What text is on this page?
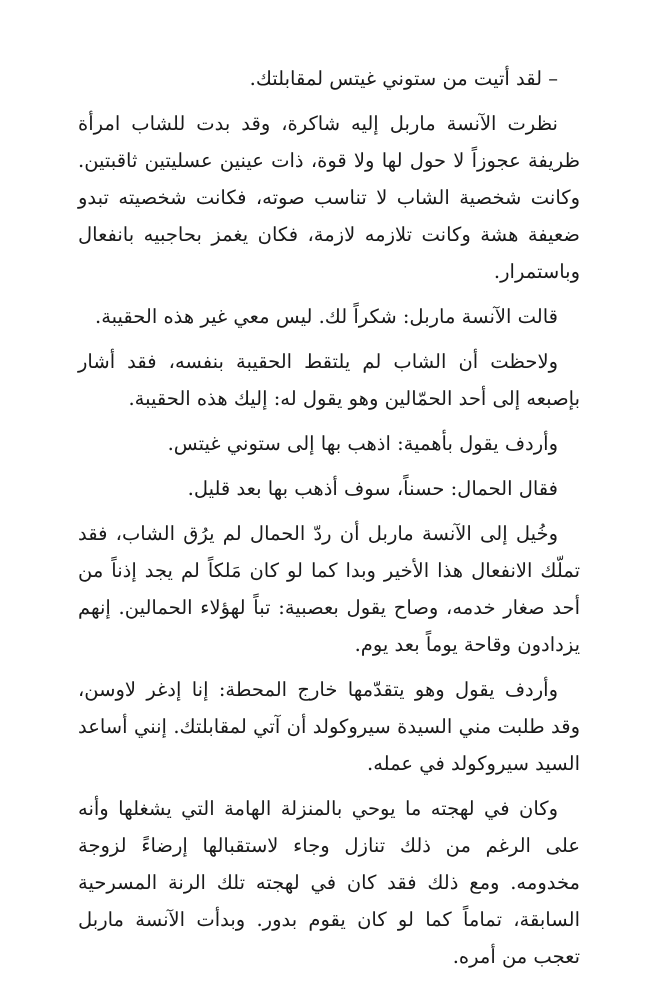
– لقد أتيت من ستوني غيتس لمقابلتك.

نظرت الآنسة ماربل إليه شاكرة، وقد بدت للشاب امرأة ظريفة عجوزاً لا حول لها ولا قوة، ذات عينين عسليتين ثاقبتين. وكانت شخصية الشاب لا تناسب صوته، فكانت شخصيته تبدو ضعيفة هشة وكانت تلازمه لازمة، فكان يغمز بحاجبيه بانفعال وباستمرار.

قالت الآنسة ماربل: شكراً لك. ليس معي غير هذه الحقيبة.

ولاحظت أن الشاب لم يلتقط الحقيبة بنفسه، فقد أشار بإصبعه إلى أحد الحمّالين وهو يقول له: إليك هذه الحقيبة.

وأردف يقول بأهمية: اذهب بها إلى ستوني غيتس.

فقال الحمال: حسناً، سوف أذهب بها بعد قليل.

وخُيل إلى الآنسة ماربل أن ردّ الحمال لم يرُق الشاب، فقد تملّك الانفعال هذا الأخير وبدا كما لو كان مَلكاً لم يجد إذناً من أحد صغار خدمه، وصاح يقول بعصبية: تباً لهؤلاء الحمالين. إنهم يزدادون وقاحة يوماً بعد يوم.

وأردف يقول وهو يتقدّمها خارج المحطة: إنا إدغر لاوسن، وقد طلبت مني السيدة سيروكولد أن آتي لمقابلتك. إنني أساعد السيد سيروكولد في عمله.

وكان في لهجته ما يوحي بالمنزلة الهامة التي يشغلها وأنه على الرغم من ذلك تنازل وجاء لاستقبالها إرضاءً لزوجة مخدومه. ومع ذلك فقد كان في لهجته تلك الرنة المسرحية السابقة، تماماً كما لو كان يقوم بدور. وبدأت الآنسة ماربل تعجب من أمره.
